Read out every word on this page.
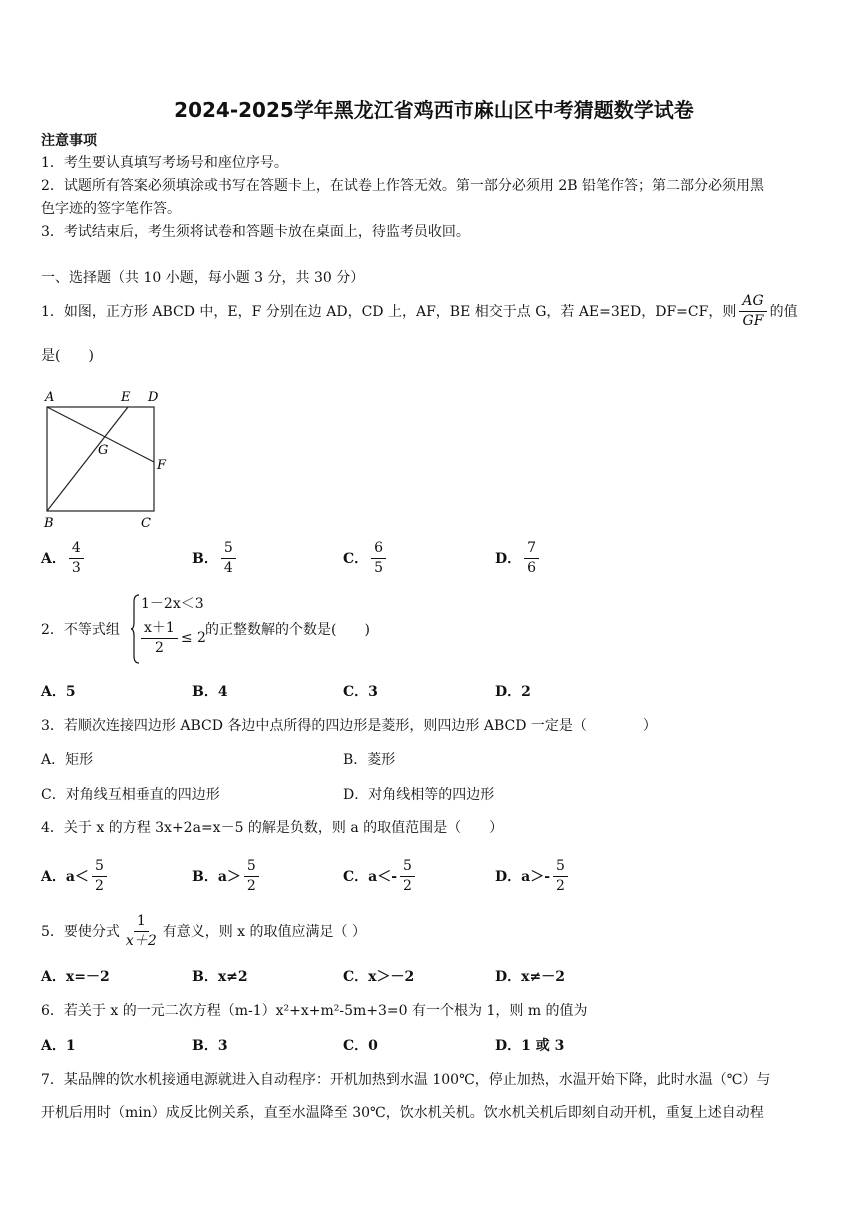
2024-2025学年黑龙江省鸡西市麻山区中考猜题数学试卷
注意事项
1．考生要认真填写考场号和座位序号。
2．试题所有答案必须填涂或书写在答题卡上，在试卷上作答无效。第一部分必须用 2B 铅笔作答；第二部分必须用黑
色字迹的签字笔作答。
3．考试结束后，考生须将试卷和答题卡放在桌面上，待监考员收回。
一、选择题（共 10 小题，每小题 3 分，共 30 分）
1．如图，正方形 ABCD 中，E，F 分别在边 AD，CD 上，AF，BE 相交于点 G，若 AE=3ED，DF=CF，则 $\frac{AG}{GF}$ 的值
是(　　)
A	E D
G
F
B	C
A． $\frac{4}{3}$	B． $\frac{5}{4}$	C． $\frac{6}{5}$	D． $\frac{7}{6}$
2．不等式组
1－2x＜3
$\frac{x+1}{2} \le 2$
的正整数解的个数是(　　)
A．5	B．4	C．3	D．2
3．若顺次连接四边形 ABCD 各边中点所得的四边形是菱形，则四边形 ABCD 一定是（　　　　）
A．矩形	B．菱形
C．对角线互相垂直的四边形	D．对角线相等的四边形
4．关于 x 的方程 3x+2a=x－5 的解是负数，则 a 的取值范围是（　　）
A．$a< \frac{5}{2}$	B．$a> \frac{5}{2}$	C．$a<- \frac{5}{2}$	D．$a>- \frac{5}{2}$
5．要使分式 $\frac{1}{x+2}$ 有意义，则 x 的取值应满足（ ）
A．x=－2	B．x≠2	C．x＞－2	D．x≠－2
6．若关于 x 的一元二次方程（m-1）x²+x+m²-5m+3=0 有一个根为 1，则 m 的值为
A．1	B．3	C．0	D．1 或 3
7．某品牌的饮水机接通电源就进入自动程序：开机加热到水温 100℃，停止加热，水温开始下降，此时水温（℃）与
开机后用时（min）成反比例关系，直至水温降至 30℃，饮水机关机。饮水机关机后即刻自动开机，重复上述自动程
